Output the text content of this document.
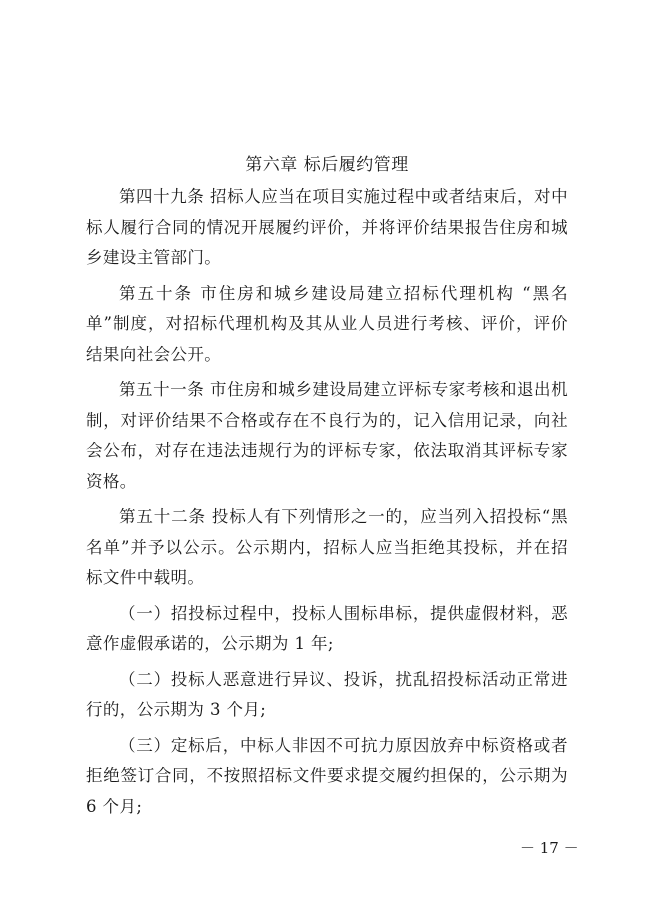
第六章 标后履约管理

第四十九条 招标人应当在项目实施过程中或者结束后，对中标人履行合同的情况开展履约评价，并将评价结果报告住房和城乡建设主管部门。

第五十条 市住房和城乡建设局建立招标代理机构 “黑名单”制度，对招标代理机构及其从业人员进行考核、评价，评价结果向社会公开。

第五十一条 市住房和城乡建设局建立评标专家考核和退出机制，对评价结果不合格或存在不良行为的，记入信用记录，向社会公布，对存在违法违规行为的评标专家，依法取消其评标专家资格。

第五十二条 投标人有下列情形之一的，应当列入招投标“黑名单”并予以公示。公示期内，招标人应当拒绝其投标，并在招标文件中载明。

（一）招投标过程中，投标人围标串标，提供虚假材料，恶意作虚假承诺的，公示期为 1 年;

（二）投标人恶意进行异议、投诉，扰乱招投标活动正常进行的，公示期为 3 个月;

（三）定标后，中标人非因不可抗力原因放弃中标资格或者拒绝签订合同，不按照招标文件要求提交履约担保的，公示期为 6 个月;

－ 17 －
